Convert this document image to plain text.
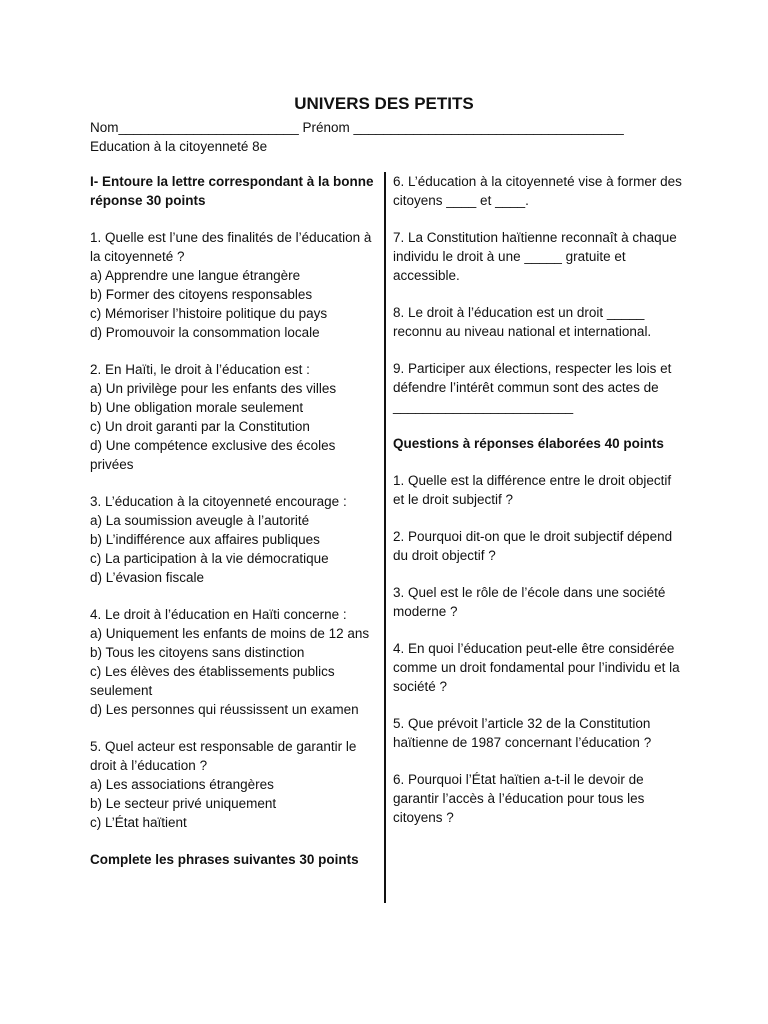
UNIVERS DES PETITS
Nom________________________ Prénom ____________________________________
Education à la citoyenneté 8e

I- Entoure la lettre correspondant à la bonne réponse 30 points

1. Quelle est l’une des finalités de l’éducation à la citoyenneté ?

a) Apprendre une langue étrangère

b) Former des citoyens responsables

c) Mémoriser l’histoire politique du pays

d) Promouvoir la consommation locale

2. En Haïti, le droit à l’éducation est :

a) Un privilège pour les enfants des villes

b) Une obligation morale seulement

c) Un droit garanti par la Constitution

d) Une compétence exclusive des écoles privées

3. L’éducation à la citoyenneté encourage :

a) La soumission aveugle à l’autorité

b) L’indifférence aux affaires publiques

c) La participation à la vie démocratique

d) L’évasion fiscale

4. Le droit à l’éducation en Haïti concerne :

a) Uniquement les enfants de moins de 12 ans

b) Tous les citoyens sans distinction

c) Les élèves des établissements publics seulement

d) Les personnes qui réussissent un examen

5. Quel acteur est responsable de garantir le droit à l’éducation ?

a) Les associations étrangères

b) Le secteur privé uniquement

c) L’État haïtient

Complete les phrases suivantes 30 points

6. L’éducation à la citoyenneté vise à former des citoyens ____ et ____.

7. La Constitution haïtienne reconnaît à chaque individu le droit à une _____ gratuite et accessible.

8. Le droit à l’éducation est un droit _____ reconnu au niveau national et international.

9. Participer aux élections, respecter les lois et défendre l’intérêt commun sont des actes de ________________________

Questions à réponses élaborées 40 points

1. Quelle est la différence entre le droit objectif et le droit subjectif ?

2. Pourquoi dit-on que le droit subjectif dépend du droit objectif ?

3. Quel est le rôle de l’école dans une société moderne ?

4. En quoi l’éducation peut-elle être considérée comme un droit fondamental pour l’individu et la société ?

5. Que prévoit l’article 32 de la Constitution haïtienne de 1987 concernant l’éducation ?

6. Pourquoi l’État haïtien a-t-il le devoir de garantir l’accès à l’éducation pour tous les citoyens ?
